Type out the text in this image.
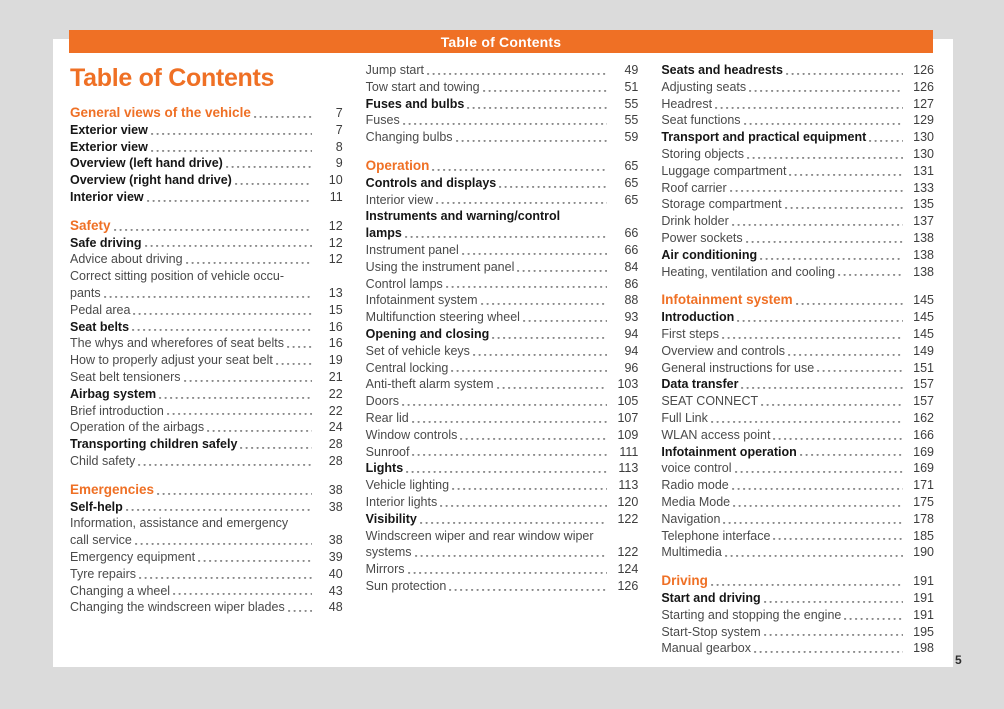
Table of Contents
General views of the vehicle	7
Exterior view	7
Exterior view	8
Overview (left hand drive)	9
Overview (right hand drive)	10
Interior view	11
Safety	12
Safe driving	12
Advice about driving	12
Correct sitting position of vehicle occu-
pants	13
Pedal area	15
Seat belts	16
The whys and wherefores of seat belts	16
How to properly adjust your seat belt	19
Seat belt tensioners	21
Airbag system	22
Brief introduction	22
Operation of the airbags	24
Transporting children safely	28
Child safety	28
Emergencies	38
Self-help	38
Information, assistance and emergency
call service	38
Emergency equipment	39
Tyre repairs	40
Changing a wheel	43
Changing the windscreen wiper blades	48
Jump start	49
Tow start and towing	51
Fuses and bulbs	55
Fuses	55
Changing bulbs	59
Operation	65
Controls and displays	65
Interior view	65
Instruments and warning/control
lamps	66
Instrument panel	66
Using the instrument panel	84
Control lamps	86
Infotainment system	88
Multifunction steering wheel	93
Opening and closing	94
Set of vehicle keys	94
Central locking	96
Anti-theft alarm system	103
Doors	105
Rear lid	107
Window controls	109
Sunroof	111
Lights	113
Vehicle lighting	113
Interior lights	120
Visibility	122
Windscreen wiper and rear window wiper
systems	122
Mirrors	124
Sun protection	126
Seats and headrests	126
Adjusting seats	126
Headrest	127
Seat functions	129
Transport and practical equipment	130
Storing objects	130
Luggage compartment	131
Roof carrier	133
Storage compartment	135
Drink holder	137
Power sockets	138
Air conditioning	138
Heating, ventilation and cooling	138
Infotainment system	145
Introduction	145
First steps	145
Overview and controls	149
General instructions for use	151
Data transfer	157
SEAT CONNECT	157
Full Link	162
WLAN access point	166
Infotainment operation	169
voice control	169
Radio mode	171
Media Mode	175
Navigation	178
Telephone interface	185
Multimedia	190
Driving	191
Start and driving	191
Starting and stopping the engine	191
Start-Stop system	195
Manual gearbox	198
Table of Contents
5
